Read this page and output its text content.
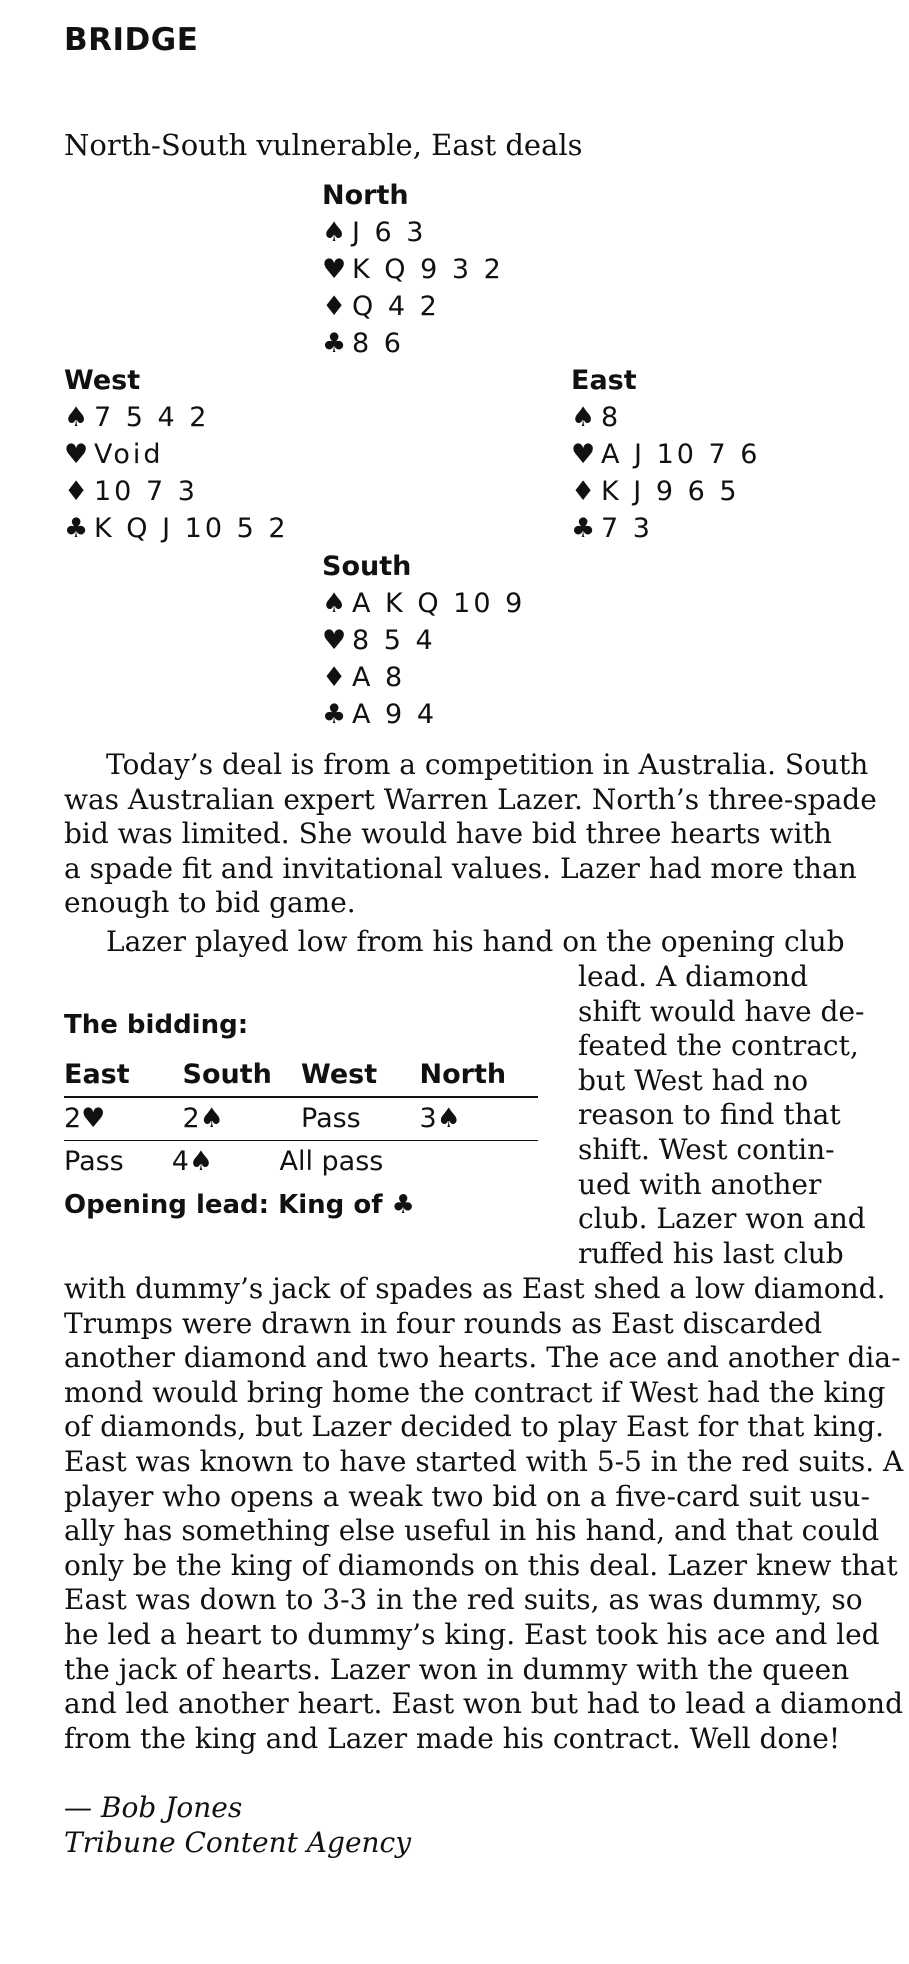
BRIDGE
North-South vulnerable, East deals
North
♠ J 6 3
♥ K Q 9 3 2
♦ Q 4 2
♣ 8 6
West
♠ 7 5 4 2
♥ Void
♦ 10 7 3
♣ K Q J 10 5 2
East
♠ 8
♥ A J 10 7 6
♦ K J 9 6 5
♣ 7 3
South
♠ A K Q 10 9
♥ 8 5 4
♦ A 8
♣ A 9 4
Today’s deal is from a competition in Australia. South
was Australian expert Warren Lazer. North’s three-spade
bid was limited. She would have bid three hearts with
a spade fit and invitational values. Lazer had more than
enough to bid game.
Lazer played low from his hand on the opening club
lead. A diamond
shift would have de-
feated the contract,
but West had no
reason to find that
shift. West contin-
ued with another
club. Lazer won and
ruffed his last club
The bidding:
East	South	West	North
2♥	2♠	Pass	3♠
Pass	4♠	All pass
Opening lead: King of ♣
with dummy’s jack of spades as East shed a low diamond.
Trumps were drawn in four rounds as East discarded
another diamond and two hearts. The ace and another dia-
mond would bring home the contract if West had the king
of diamonds, but Lazer decided to play East for that king.
East was known to have started with 5-5 in the red suits. A
player who opens a weak two bid on a five-card suit usu-
ally has something else useful in his hand, and that could
only be the king of diamonds on this deal. Lazer knew that
East was down to 3-3 in the red suits, as was dummy, so
he led a heart to dummy’s king. East took his ace and led
the jack of hearts. Lazer won in dummy with the queen
and led another heart. East won but had to lead a diamond
from the king and Lazer made his contract. Well done!
— Bob Jones
Tribune Content Agency
